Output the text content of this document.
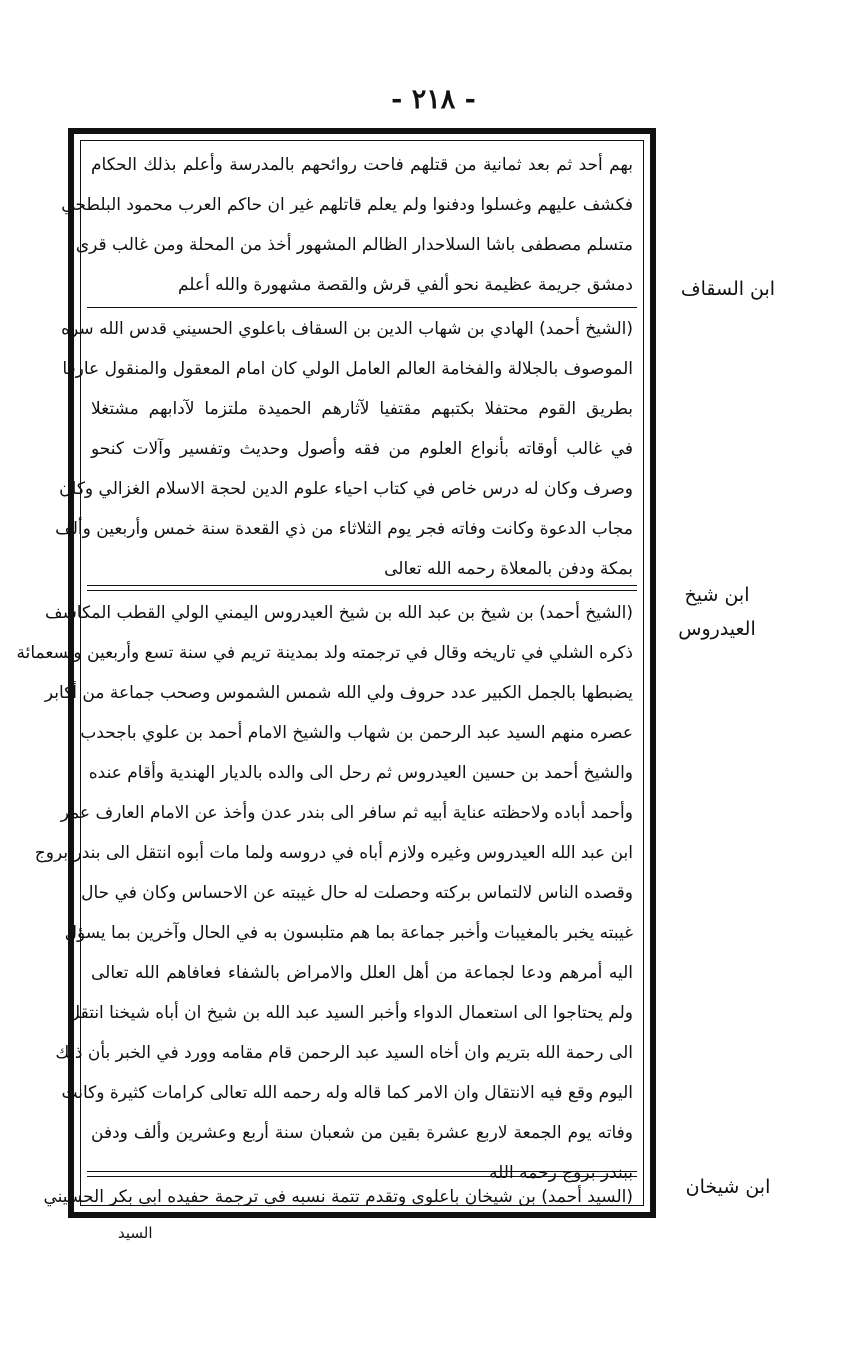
- ٢١٨ -
بهم أحد ثم بعد ثمانية من قتلهم فاحت روائحهم بالمدرسة وأعلم بذلك الحكام
فكشف عليهم وغسلوا ودفنوا ولم يعلم قاتلهم غير ان حاكم العرب محمود البلطجي
متسلم مصطفى باشا السلاحدار الظالم المشهور أخذ من المحلة ومن غالب قرى
دمشق جريمة عظيمة نحو ألفي قرش والقصة مشهورة والله أعلم
(الشيخ أحمد) الهادي بن شهاب الدين بن السقاف باعلوي الحسيني قدس الله سره
الموصوف بالجلالة والفخامة العالم العامل الولي كان امام المعقول والمنقول عارفا
بطريق القوم محتفلا بكتبهم مقتفيا لآثارهم الحميدة ملتزما لآدابهم مشتغلا
في غالب أوقاته بأنواع العلوم من فقه وأصول وحديث وتفسير وآلات كنحو
وصرف وكان له درس خاص في كتاب احياء علوم الدين لحجة الاسلام الغزالي وكان
مجاب الدعوة وكانت وفاته فجر يوم الثلاثاء من ذي القعدة سنة خمس وأربعين وألف
بمكة ودفن بالمعلاة رحمه الله تعالى
(الشيخ أحمد) بن شيخ بن عبد الله بن شيخ العيدروس اليمني الولي القطب المكاشف
ذكره الشلي في تاريخه وقال في ترجمته ولد بمدينة تريم في سنة تسع وأربعين وتسعمائة
يضبطها بالجمل الكبير عدد حروف ولي الله شمس الشموس وصحب جماعة من أكابر
عصره منهم السيد عبد الرحمن بن شهاب والشيخ الامام أحمد بن علوي باجحدب
والشيخ أحمد بن حسين العيدروس ثم رحل الى والده بالديار الهندية وأقام عنده
وأحمد أباده ولاحظته عناية أبيه ثم سافر الى بندر عدن وأخذ عن الامام العارف عمر
ابن عبد الله العيدروس وغيره ولازم أباه في دروسه ولما مات أبوه انتقل الى بندر بروج
وقصده الناس لالتماس بركته وحصلت له حال غيبته عن الاحساس وكان في حال
غيبته يخبر بالمغيبات وأخبر جماعة بما هم متلبسون به في الحال وآخرين بما يسؤل
اليه أمرهم ودعا لجماعة من أهل العلل والامراض بالشفاء فعافاهم الله تعالى
ولم يحتاجوا الى استعمال الدواء وأخبر السيد عبد الله بن شيخ ان أباه شيخنا انتقل
الى رحمة الله بتريم وان أخاه السيد عبد الرحمن قام مقامه وورد في الخبر بأن ذلك
اليوم وقع فيه الانتقال وان الامر كما قاله وله رحمه الله تعالى كرامات كثيرة وكانت
وفاته يوم الجمعة لاربع عشرة بقين من شعبان سنة أربع وعشرين وألف ودفن
ببندر بروج رحمه الله
(السيد أحمد) بن شيخان باعلوي وتقدم تتمة نسبه في ترجمة حفيده ابي بكر الحسيني
ابن السقاف
ابن شيخ العيدروس
ابن شيخان
السيد
